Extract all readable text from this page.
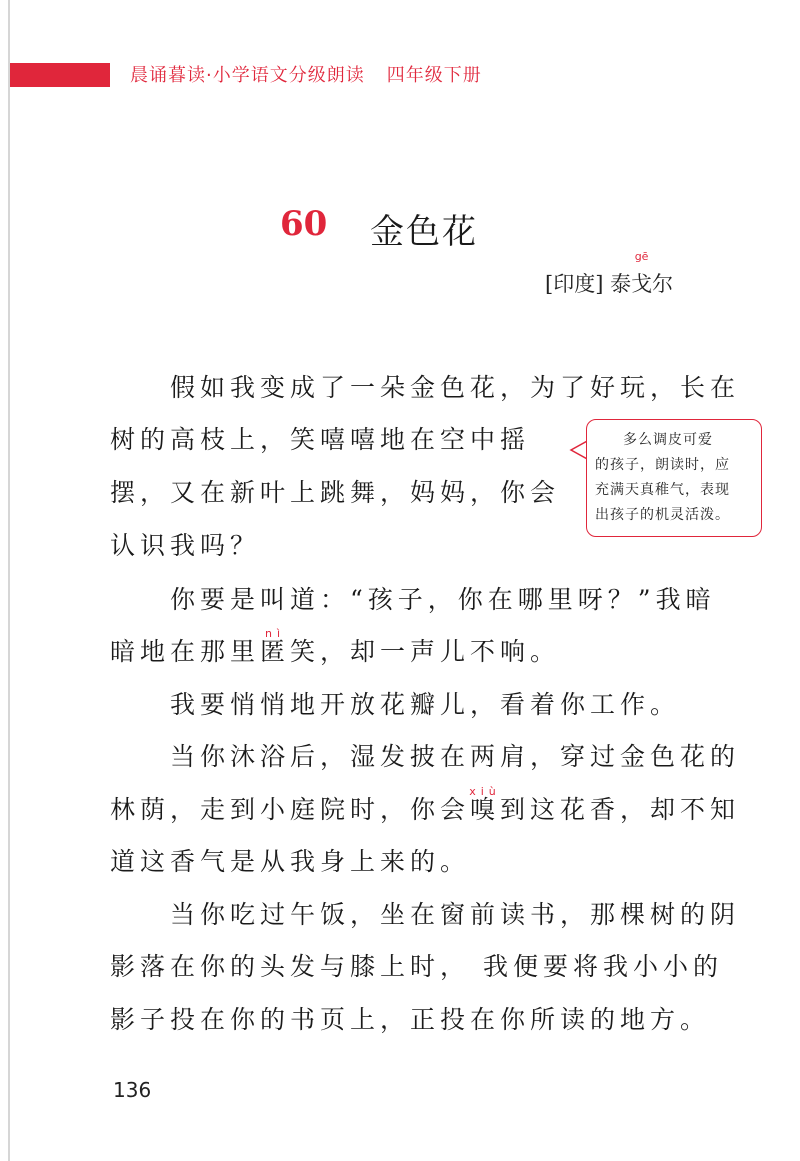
晨诵暮读·小学语文分级朗读 四年级下册
60 金色花
[印度] 泰
gē
戈尔
假如我变成了一朵金色花，为了好玩，长在
树的高枝上，笑嘻嘻地在空中摇
摆，又在新叶上跳舞，妈妈，你会
认识我吗？
多么调皮可爱
的孩子，朗读时，应
充满天真稚气，表现
出孩子的机灵活泼。
你要是叫道：“孩子，你在哪里呀？”我暗
暗地在那里
nì
匿笑，却一声儿不响。
我要悄悄地开放花瓣儿，看着你工作。
当你沐浴后，湿发披在两肩，穿过金色花的
林荫，走到小庭院时，你会
xiù
嗅到这花香，却不知
道这香气是从我身上来的。
当你吃过午饭，坐在窗前读书，那棵树的阴
影落在你的头发与膝上时， 我便要将我小小的
影子投在你的书页上，正投在你所读的地方。
136
